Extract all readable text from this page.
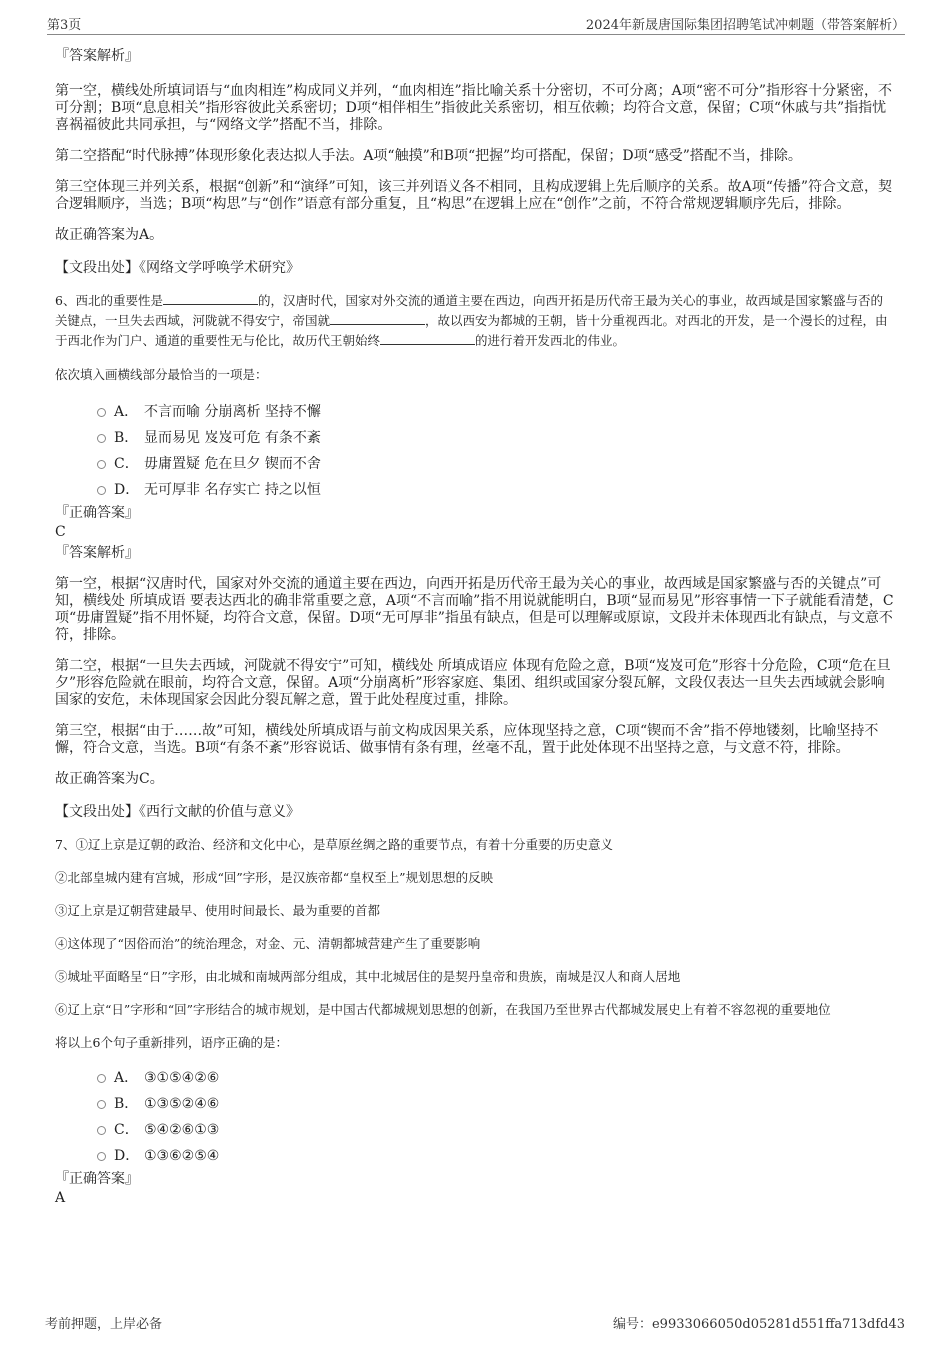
第3页	2024年新晟唐国际集团招聘笔试冲刺题（带答案解析）

『答案解析』

第一空，横线处所填词语与“血肉相连”构成同义并列，“血肉相连”指比喻关系十分密切，不可分离；A项“密不可分”指形容十分紧密，不可分割；B项“息息相关”指形容彼此关系密切；D项“相伴相生”指彼此关系密切，相互依赖；均符合文意，保留；C项“休戚与共”指指忧喜祸福彼此共同承担，与“网络文学”搭配不当，排除。

第二空搭配“时代脉搏”体现形象化表达拟人手法。A项“触摸”和B项“把握”均可搭配，保留；D项“感受”搭配不当，排除。

第三空体现三并列关系，根据“创新”和“演绎”可知，该三并列语义各不相同，且构成逻辑上先后顺序的关系。故A项“传播”符合文意，契合逻辑顺序，当选；B项“构思”与“创作”语意有部分重复，且“构思”在逻辑上应在“创作”之前，不符合常规逻辑顺序先后，排除。

故正确答案为A。

【文段出处】《网络文学呼唤学术研究》

6、西北的重要性是	的，汉唐时代，国家对外交流的通道主要在西边，向西开拓是历代帝王最为关心的事业，故西域是国家繁盛与否的关键点，一旦失去西域，河陇就不得安宁，帝国就	，故以西安为都城的王朝，皆十分重视西北。对西北的开发，是一个漫长的过程，由于西北作为门户、通道的重要性无与伦比，故历代王朝始终	的进行着开发西北的伟业。

依次填入画横线部分最恰当的一项是：

A． 不言而喻 分崩离析 坚持不懈
B． 显而易见 岌岌可危 有条不紊
C． 毋庸置疑 危在旦夕 锲而不舍
D． 无可厚非 名存实亡 持之以恒

『正确答案』

C

『答案解析』

第一空，根据“汉唐时代，国家对外交流的通道主要在西边，向西开拓是历代帝王最为关心的事业，故西域是国家繁盛与否的关键点”可知，横线处 所填成语 要表达西北的确非常重要之意，A项“不言而喻”指不用说就能明白，B项“显而易见”形容事情一下子就能看清楚，C项“毋庸置疑”指不用怀疑，均符合文意，保留。D项“无可厚非”指虽有缺点，但是可以理解或原谅，文段并未体现西北有缺点，与文意不符，排除。

第二空，根据“一旦失去西域，河陇就不得安宁”可知，横线处 所填成语应 体现有危险之意，B项“岌岌可危”形容十分危险，C项“危在旦夕”形容危险就在眼前，均符合文意，保留。A项“分崩离析”形容家庭、集团、组织或国家分裂瓦解，文段仅表达一旦失去西域就会影响国家的安危，未体现国家会因此分裂瓦解之意，置于此处程度过重，排除。

第三空，根据“由于……故”可知，横线处所填成语与前文构成因果关系，应体现坚持之意，C项“锲而不舍”指不停地镂刻，比喻坚持不懈，符合文意，当选。B项“有条不紊”形容说话、做事情有条有理，丝毫不乱，置于此处体现不出坚持之意，与文意不符，排除。

故正确答案为C。

【文段出处】《西行文献的价值与意义》

7、①辽上京是辽朝的政治、经济和文化中心，是草原丝绸之路的重要节点，有着十分重要的历史意义

②北部皇城内建有宫城，形成“回”字形，是汉族帝都“皇权至上”规划思想的反映

③辽上京是辽朝营建最早、使用时间最长、最为重要的首都

④这体现了“因俗而治”的统治理念，对金、元、清朝都城营建产生了重要影响

⑤城址平面略呈“日”字形，由北城和南城两部分组成，其中北城居住的是契丹皇帝和贵族，南城是汉人和商人居地

⑥辽上京“日”字形和“回”字形结合的城市规划，是中国古代都城规划思想的创新，在我国乃至世界古代都城发展史上有着不容忽视的重要地位

将以上6个句子重新排列，语序正确的是：

A． ③①⑤④②⑥
B． ①③⑤②④⑥
C． ⑤④②⑥①③
D． ①③⑥②⑤④

『正确答案』

A

考前押题，上岸必备	编号：e9933066050d05281d551ffa713dfd43
